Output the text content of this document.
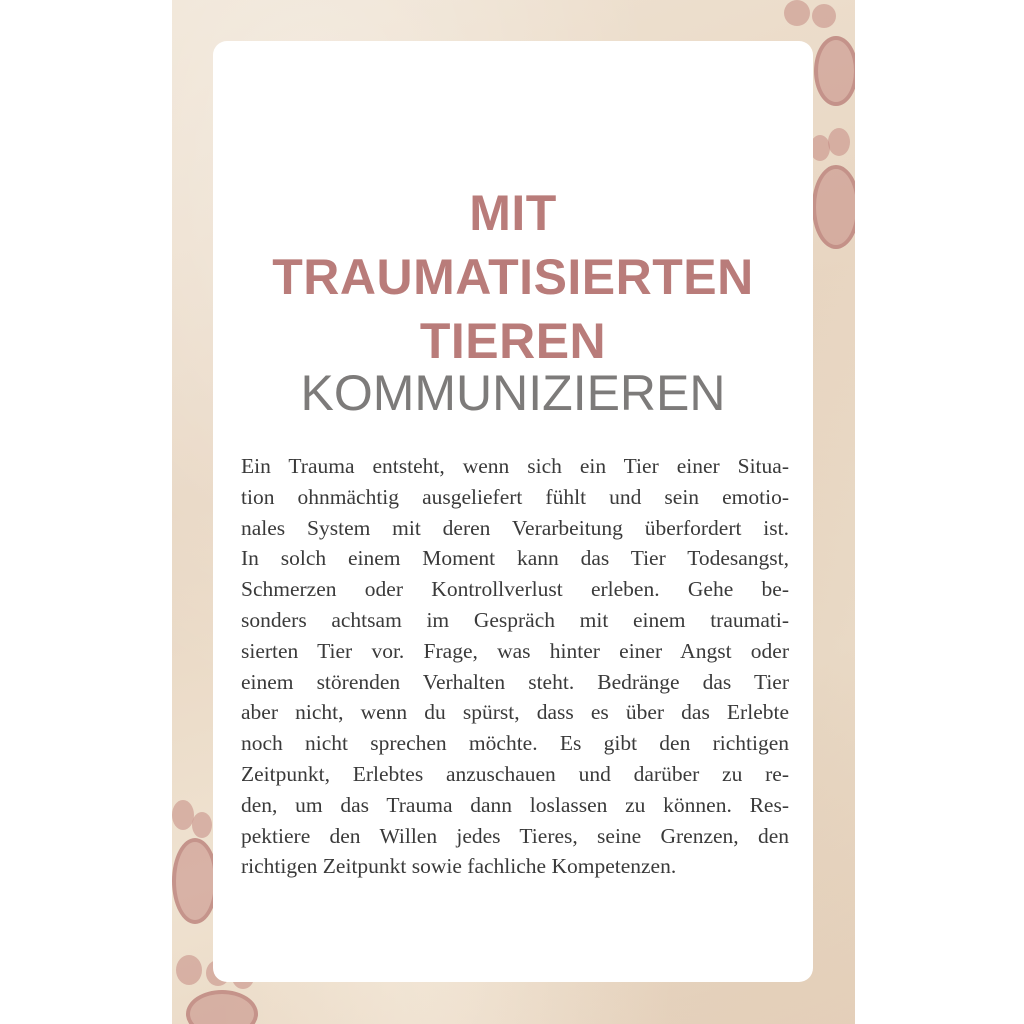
MIT
TRAUMATISIERTEN
TIEREN
KOMMUNIZIEREN
Ein Trauma entsteht, wenn sich ein Tier einer Situa-
tion ohnmächtig ausgeliefert fühlt und sein emotio-
nales System mit deren Verarbeitung überfordert ist.
In solch einem Moment kann das Tier Todesangst,
Schmerzen oder Kontrollverlust erleben. Gehe be-
sonders achtsam im Gespräch mit einem traumati-
sierten Tier vor. Frage, was hinter einer Angst oder
einem störenden Verhalten steht. Bedränge das Tier
aber nicht, wenn du spürst, dass es über das Erlebte
noch nicht sprechen möchte. Es gibt den richtigen
Zeitpunkt, Erlebtes anzuschauen und darüber zu re-
den, um das Trauma dann loslassen zu können. Res-
pektiere den Willen jedes Tieres, seine Grenzen, den
richtigen Zeitpunkt sowie fachliche Kompetenzen.
